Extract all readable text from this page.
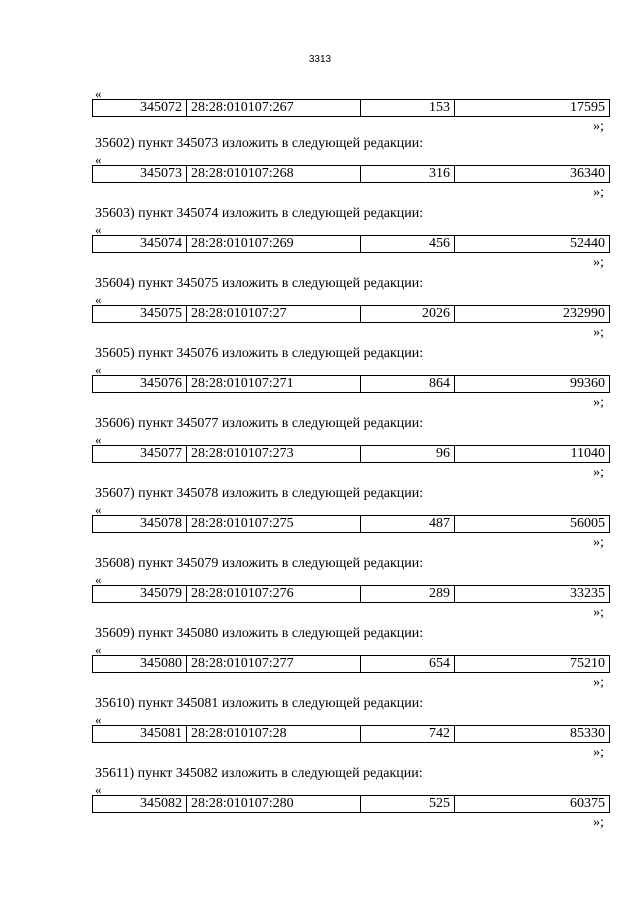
3313
«
345072	28:28:010107:267	153	17595
»;
35602) пункт 345073 изложить в следующей редакции:
«
345073	28:28:010107:268	316	36340
»;
35603) пункт 345074 изложить в следующей редакции:
«
345074	28:28:010107:269	456	52440
»;
35604) пункт 345075 изложить в следующей редакции:
«
345075	28:28:010107:27	2026	232990
»;
35605) пункт 345076 изложить в следующей редакции:
«
345076	28:28:010107:271	864	99360
»;
35606) пункт 345077 изложить в следующей редакции:
«
345077	28:28:010107:273	96	11040
»;
35607) пункт 345078 изложить в следующей редакции:
«
345078	28:28:010107:275	487	56005
»;
35608) пункт 345079 изложить в следующей редакции:
«
345079	28:28:010107:276	289	33235
»;
35609) пункт 345080 изложить в следующей редакции:
«
345080	28:28:010107:277	654	75210
»;
35610) пункт 345081 изложить в следующей редакции:
«
345081	28:28:010107:28	742	85330
»;
35611) пункт 345082 изложить в следующей редакции:
«
345082	28:28:010107:280	525	60375
»;
